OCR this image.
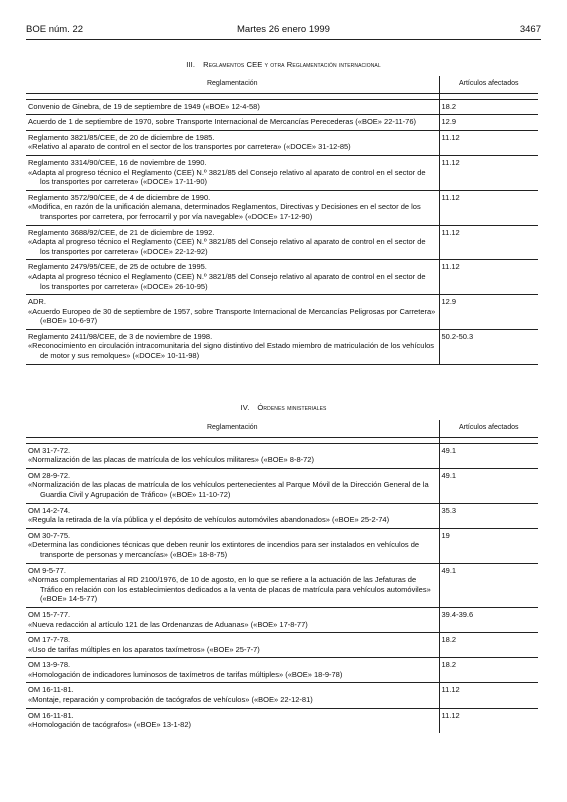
BOE núm. 22	Martes 26 enero 1999	3467
III. Reglamentos CEE y otra Reglamentación internacional
Reglamentación	Artículos afectados

Convenio de Ginebra, de 19 de septiembre de 1949 («BOE» 12-4-58)	18.2

Acuerdo de 1 de septiembre de 1970, sobre Transporte Internacional de Mercancías Perecederas («BOE» 22-11-76)	12.9

Reglamento 3821/85/CEE, de 20 de diciembre de 1985.
«Relativo al aparato de control en el sector de los transportes por carretera» («DOCE» 31-12-85)	11.12

Reglamento 3314/90/CEE, 16 de noviembre de 1990.
«Adapta al progreso técnico el Reglamento (CEE) N.º 3821/85 del Consejo relativo al aparato de control en el sector de los transportes por carretera» («DOCE» 17-11-90)	11.12

Reglamento 3572/90/CEE, de 4 de diciembre de 1990.
«Modifica, en razón de la unificación alemana, determinados Reglamentos, Directivas y Decisiones en el sector de los transportes por carretera, por ferrocarril y por vía navegable» («DOCE» 17-12-90)	11.12

Reglamento 3688/92/CEE, de 21 de diciembre de 1992.
«Adapta al progreso técnico el Reglamento (CEE) N.º 3821/85 del Consejo relativo al aparato de control en el sector de los transportes por carretera» («DOCE» 22-12-92)	11.12

Reglamento 2479/95/CEE, de 25 de octubre de 1995.
«Adapta al progreso técnico el Reglamento (CEE) N.º 3821/85 del Consejo relativo al aparato de control en el sector de los transportes por carretera» («DOCE» 26-10-95)	11.12

ADR.
«Acuerdo Europeo de 30 de septiembre de 1957, sobre Transporte Internacional de Mercancías Peligrosas por Carretera» («BOE» 10-6-97)	12.9

Reglamento 2411/98/CEE, de 3 de noviembre de 1998.
«Reconocimiento en circulación intracomunitaria del signo distintivo del Estado miembro de matriculación de los vehículos de motor y sus remolques» («DOCE» 10-11-98)	50.2-50.3
IV. Órdenes ministeriales
Reglamentación	Artículos afectados

OM 31-7-72.
«Normalización de las placas de matrícula de los vehículos militares» («BOE» 8-8-72)	49.1

OM 28-9-72.
«Normalización de las placas de matrícula de los vehículos pertenecientes al Parque Móvil de la Dirección General de la Guardia Civil y Agrupación de Tráfico» («BOE» 11-10-72)	49.1

OM 14-2-74.
«Regula la retirada de la vía pública y el depósito de vehículos automóviles abandonados» («BOE» 25-2-74)	35.3

OM 30-7-75.
«Determina las condiciones técnicas que deben reunir los extintores de incendios para ser instalados en vehículos de transporte de personas y mercancías» («BOE» 18-8-75)	19

OM 9-5-77.
«Normas complementarias al RD 2100/1976, de 10 de agosto, en lo que se refiere a la actuación de las Jefaturas de Tráfico en relación con los establecimientos dedicados a la venta de placas de matrícula para vehículos automóviles» («BOE» 14-5-77)	49.1

OM 15-7-77.
«Nueva redacción al artículo 121 de las Ordenanzas de Aduanas» («BOE» 17-8-77)	39.4-39.6

OM 17-7-78.
«Uso de tarifas múltiples en los aparatos taxímetros» («BOE» 25-7-7)	18.2

OM 13-9-78.
«Homologación de indicadores luminosos de taxímetros de tarifas múltiples» («BOE» 18-9-78)	18.2

OM 16-11-81.
«Montaje, reparación y comprobación de tacógrafos de vehículos» («BOE» 22-12-81)	11.12

OM 16-11-81.
«Homologación de tacógrafos» («BOE» 13-1-82)	11.12
